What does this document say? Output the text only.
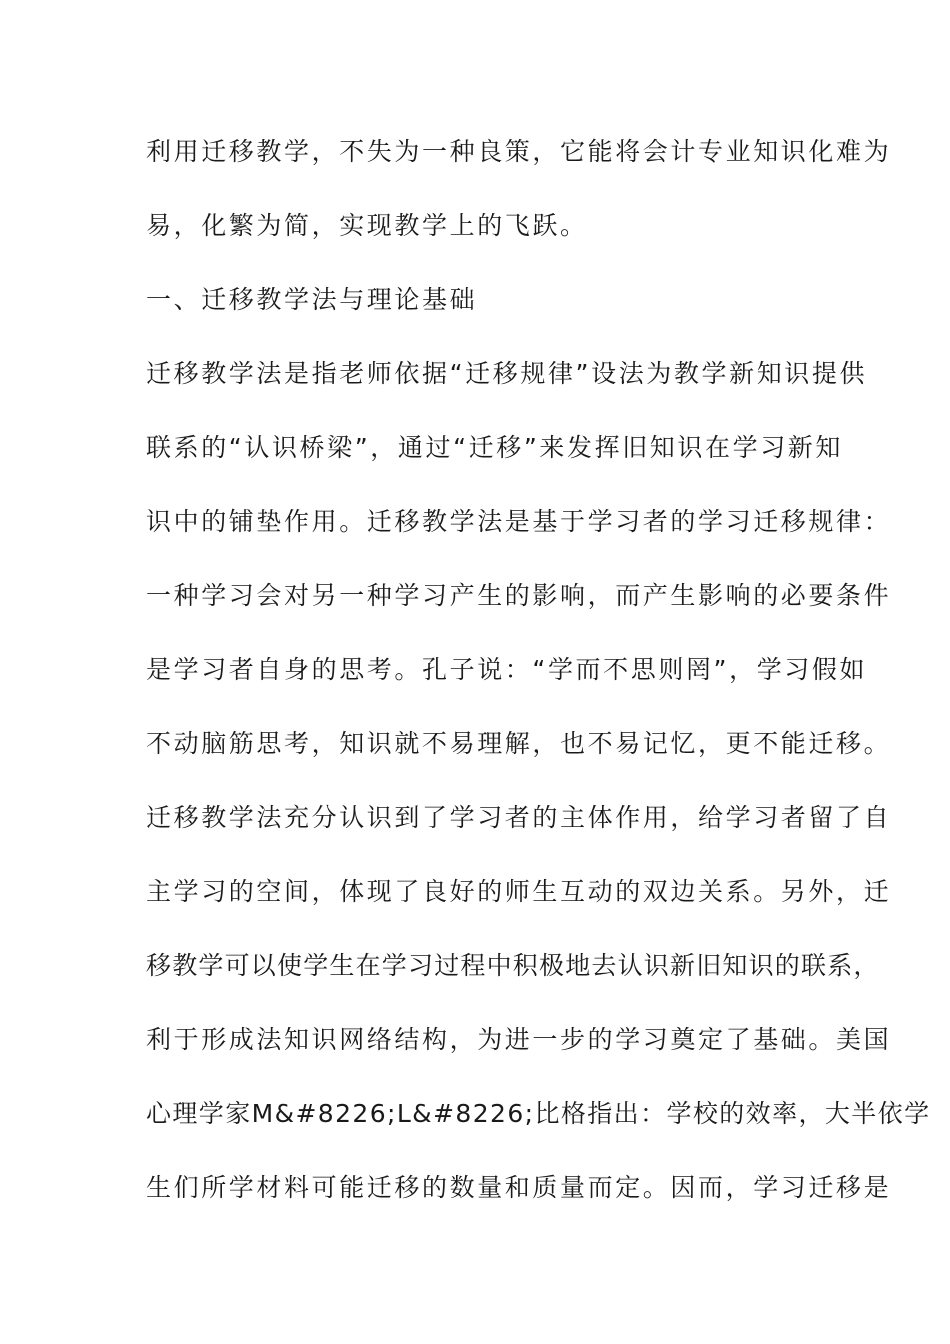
利用迁移教学，不失为一种良策，它能将会计专业知识化难为
易，化繁为简，实现教学上的飞跃。
一、迁移教学法与理论基础
迁移教学法是指老师依据“迁移规律”设法为教学新知识提供
联系的“认识桥梁”，通过“迁移”来发挥旧知识在学习新知
识中的铺垫作用。迁移教学法是基于学习者的学习迁移规律：
一种学习会对另一种学习产生的影响，而产生影响的必要条件
是学习者自身的思考。孔子说：“学而不思则罔”，学习假如
不动脑筋思考，知识就不易理解，也不易记忆，更不能迁移。
迁移教学法充分认识到了学习者的主体作用，给学习者留了自
主学习的空间，体现了良好的师生互动的双边关系。另外，迁
移教学可以使学生在学习过程中积极地去认识新旧知识的联系，
利于形成法知识网络结构，为进一步的学习奠定了基础。美国
心理学家M&#8226;L&#8226;比格指出：学校的效率，大半依学
生们所学材料可能迁移的数量和质量而定。因而，学习迁移是
